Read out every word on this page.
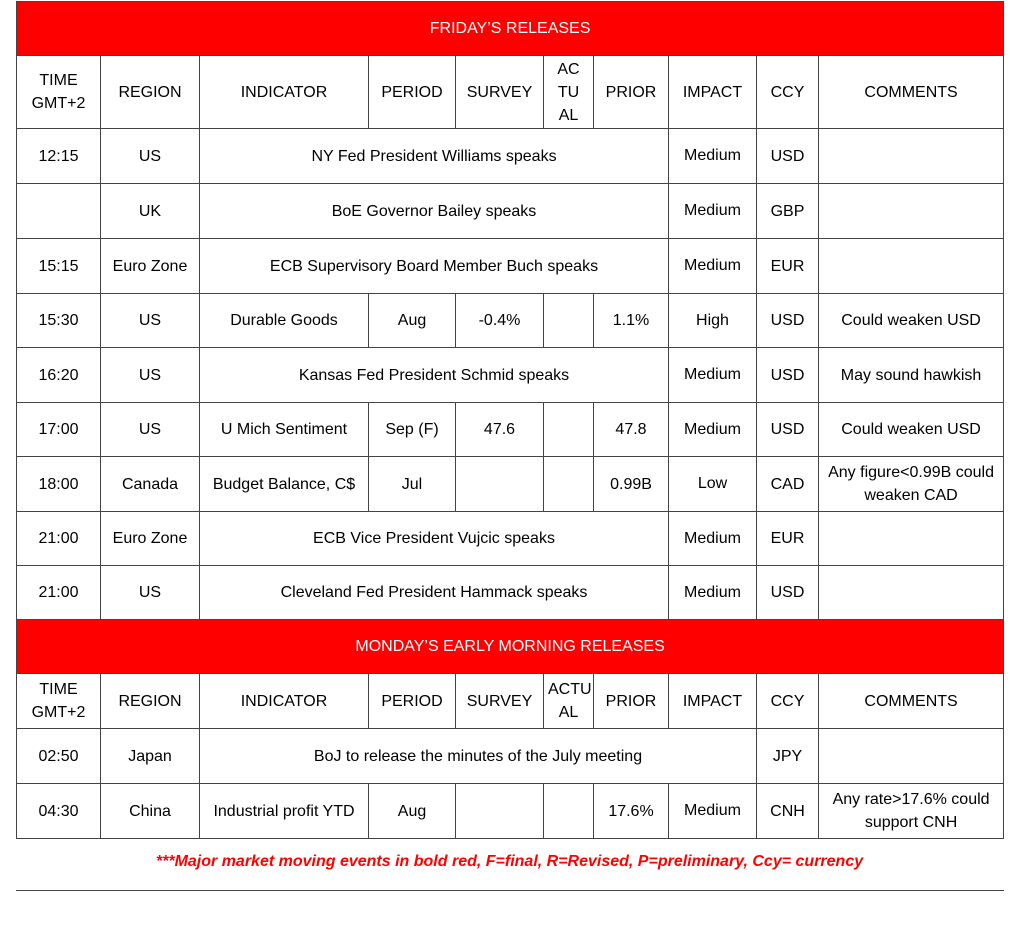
FRIDAY’S RELEASES									
TIME GMT+2	REGION	INDICATOR	PERIOD	SURVEY	AC TU AL	PRIOR	IMPACT	CCY	COMMENTS
12:15	US	NY Fed President Williams speaks					Medium	USD	
	UK	BoE Governor Bailey speaks					Medium	GBP	
15:15	Euro Zone	ECB Supervisory Board Member Buch speaks					Medium	EUR	
15:30	US	Durable Goods	Aug	-0.4%		1.1%	High	USD	Could weaken USD
16:20	US	Kansas Fed President Schmid speaks					Medium	USD	May sound hawkish
17:00	US	U Mich Sentiment	Sep (F)	47.6		47.8	Medium	USD	Could weaken USD
18:00	Canada	Budget Balance, C$	Jul			0.99B	Low	CAD	Any figure<0.99B could weaken CAD
21:00	Euro Zone	ECB Vice President Vujcic speaks					Medium	EUR	
21:00	US	Cleveland Fed President Hammack speaks					Medium	USD	
MONDAY’S EARLY MORNING RELEASES									
TIME GMT+2	REGION	INDICATOR	PERIOD	SURVEY	ACTU AL	PRIOR	IMPACT	CCY	COMMENTS
02:50	Japan	BoJ to release the minutes of the July meeting						JPY	
04:30	China	Industrial profit YTD	Aug			17.6%	Medium	CNH	Any rate>17.6% could support CNH
***Major market moving events in bold red, F=final, R=Revised, P=preliminary, Ccy= currency
